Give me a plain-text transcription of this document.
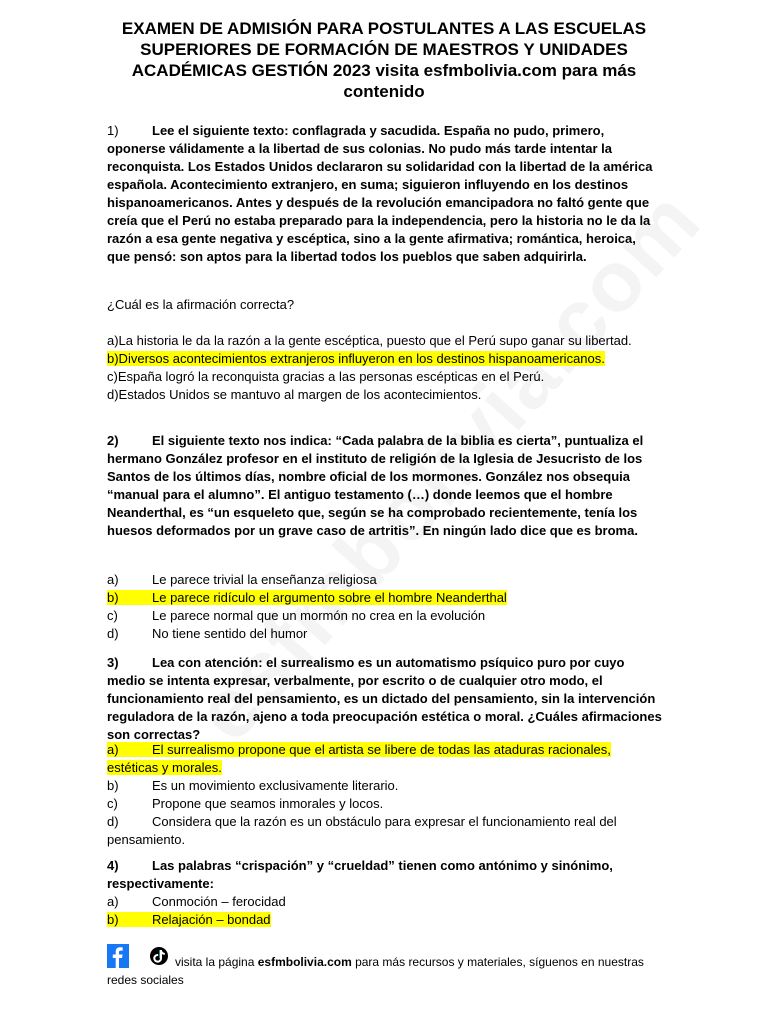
EXAMEN DE ADMISIÓN PARA POSTULANTES A LAS ESCUELAS SUPERIORES DE FORMACIÓN DE MAESTROS Y UNIDADES ACADÉMICAS GESTIÓN 2023 visita esfmbolivia.com para más contenido
1)	Lee el siguiente texto: conflagrada y sacudida. España no pudo, primero, oponerse válidamente a la libertad de sus colonias. No pudo más tarde intentar la reconquista. Los Estados Unidos declararon su solidaridad con la libertad de la américa española. Acontecimiento extranjero, en suma; siguieron influyendo en los destinos hispanoamericanos. Antes y después de la revolución emancipadora no faltó gente que creía que el Perú no estaba preparado para la independencia, pero la historia no le da la razón a esa gente negativa y escéptica, sino a la gente afirmativa; romántica, heroica, que pensó: son aptos para la libertad todos los pueblos que saben adquirirla.
¿Cuál es la afirmación correcta?
a)La historia le da la razón a la gente escéptica, puesto que el Perú supo ganar su libertad.
b)Diversos acontecimientos extranjeros influyeron en los destinos hispanoamericanos.
c)España logró la reconquista gracias a las personas escépticas en el Perú.
d)Estados Unidos se mantuvo al margen de los acontecimientos.
2)	El siguiente texto nos indica: “Cada palabra de la biblia es cierta”, puntualiza el hermano González profesor en el instituto de religión de la Iglesia de Jesucristo de los Santos de los últimos días, nombre oficial de los mormones. González nos obsequia “manual para el alumno”. El antiguo testamento (…) donde leemos que el hombre Neanderthal, es “un esqueleto que, según se ha comprobado recientemente, tenía los huesos deformados por un grave caso de artritis”. En ningún lado dice que es broma.
a)	Le parece trivial la enseñanza religiosa
b)	Le parece ridículo el argumento sobre el hombre Neanderthal
c)	Le parece normal que un mormón no crea en la evolución
d)	No tiene sentido del humor
3)	Lea con atención: el surrealismo es un automatismo psíquico puro por cuyo medio se intenta expresar, verbalmente, por escrito o de cualquier otro modo, el funcionamiento real del pensamiento, es un dictado del pensamiento, sin la intervención reguladora de la razón, ajeno a toda preocupación estética o moral. ¿Cuáles afirmaciones son correctas?
a)	El surrealismo propone que el artista se libere de todas las ataduras racionales, estéticas y morales.
b)	Es un movimiento exclusivamente literario.
c)	Propone que seamos inmorales y locos.
d)	Considera que la razón es un obstáculo para expresar el funcionamiento real del pensamiento.
4)	Las palabras “crispación” y “crueldad” tienen como antónimo y sinónimo, respectivamente:
a)	Conmoción – ferocidad
b)	Relajación – bondad
visita la página esfmbolivia.com para más recursos y materiales, síguenos en nuestras redes sociales
